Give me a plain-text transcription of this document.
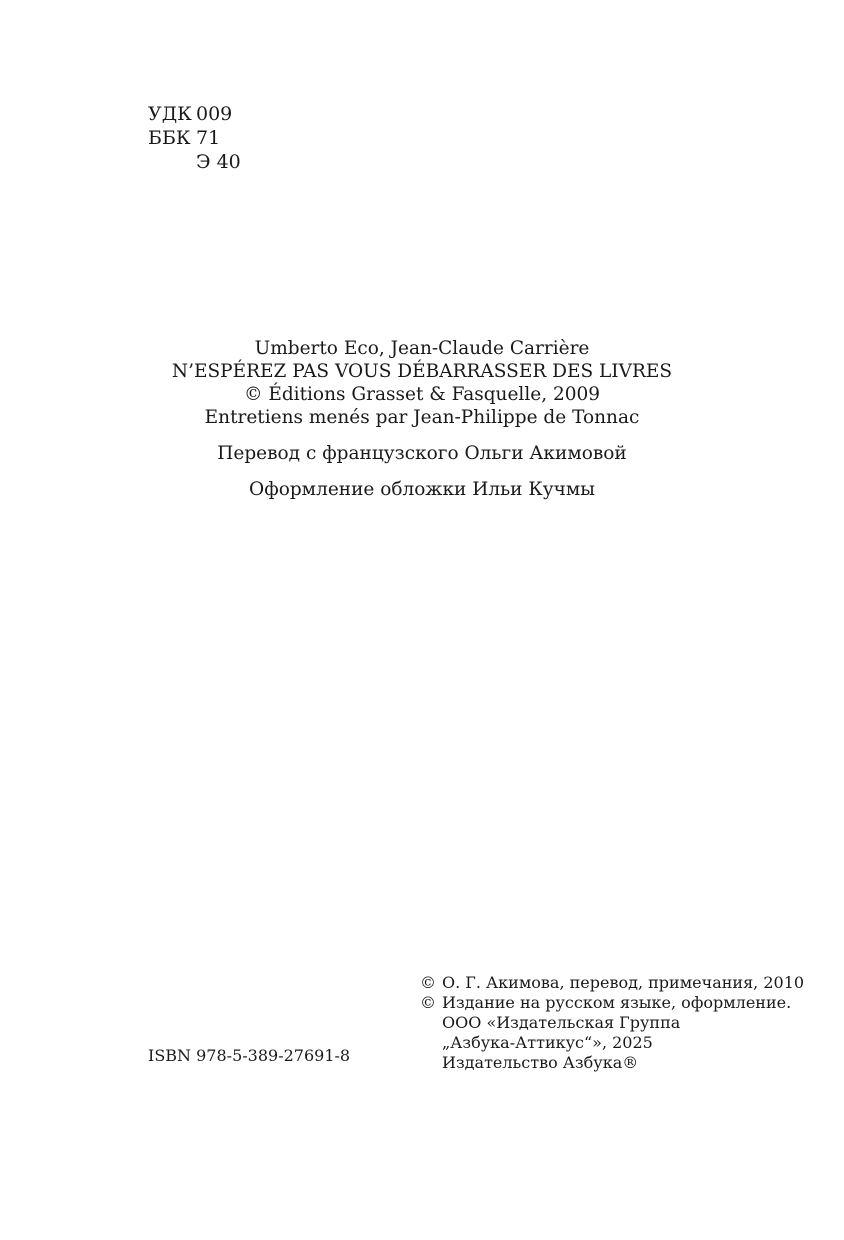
УДК 009
ББК 71
Э 40
Umberto Eco, Jean-Claude Carrière
N’ESPÉREZ PAS VOUS DÉBARRASSER DES LIVRES
© Éditions Grasset & Fasquelle, 2009
Entretiens menés par Jean-Philippe de Tonnac
Перевод с французского Ольги Акимовой
Оформление обложки Ильи Кучмы
© О. Г. Акимова, перевод, примечания, 2010
© Издание на русском языке, оформление.
ООО «Издательская Группа
„Азбука-Аттикус“», 2025
Издательство Азбука®
ISBN 978-5-389-27691-8
